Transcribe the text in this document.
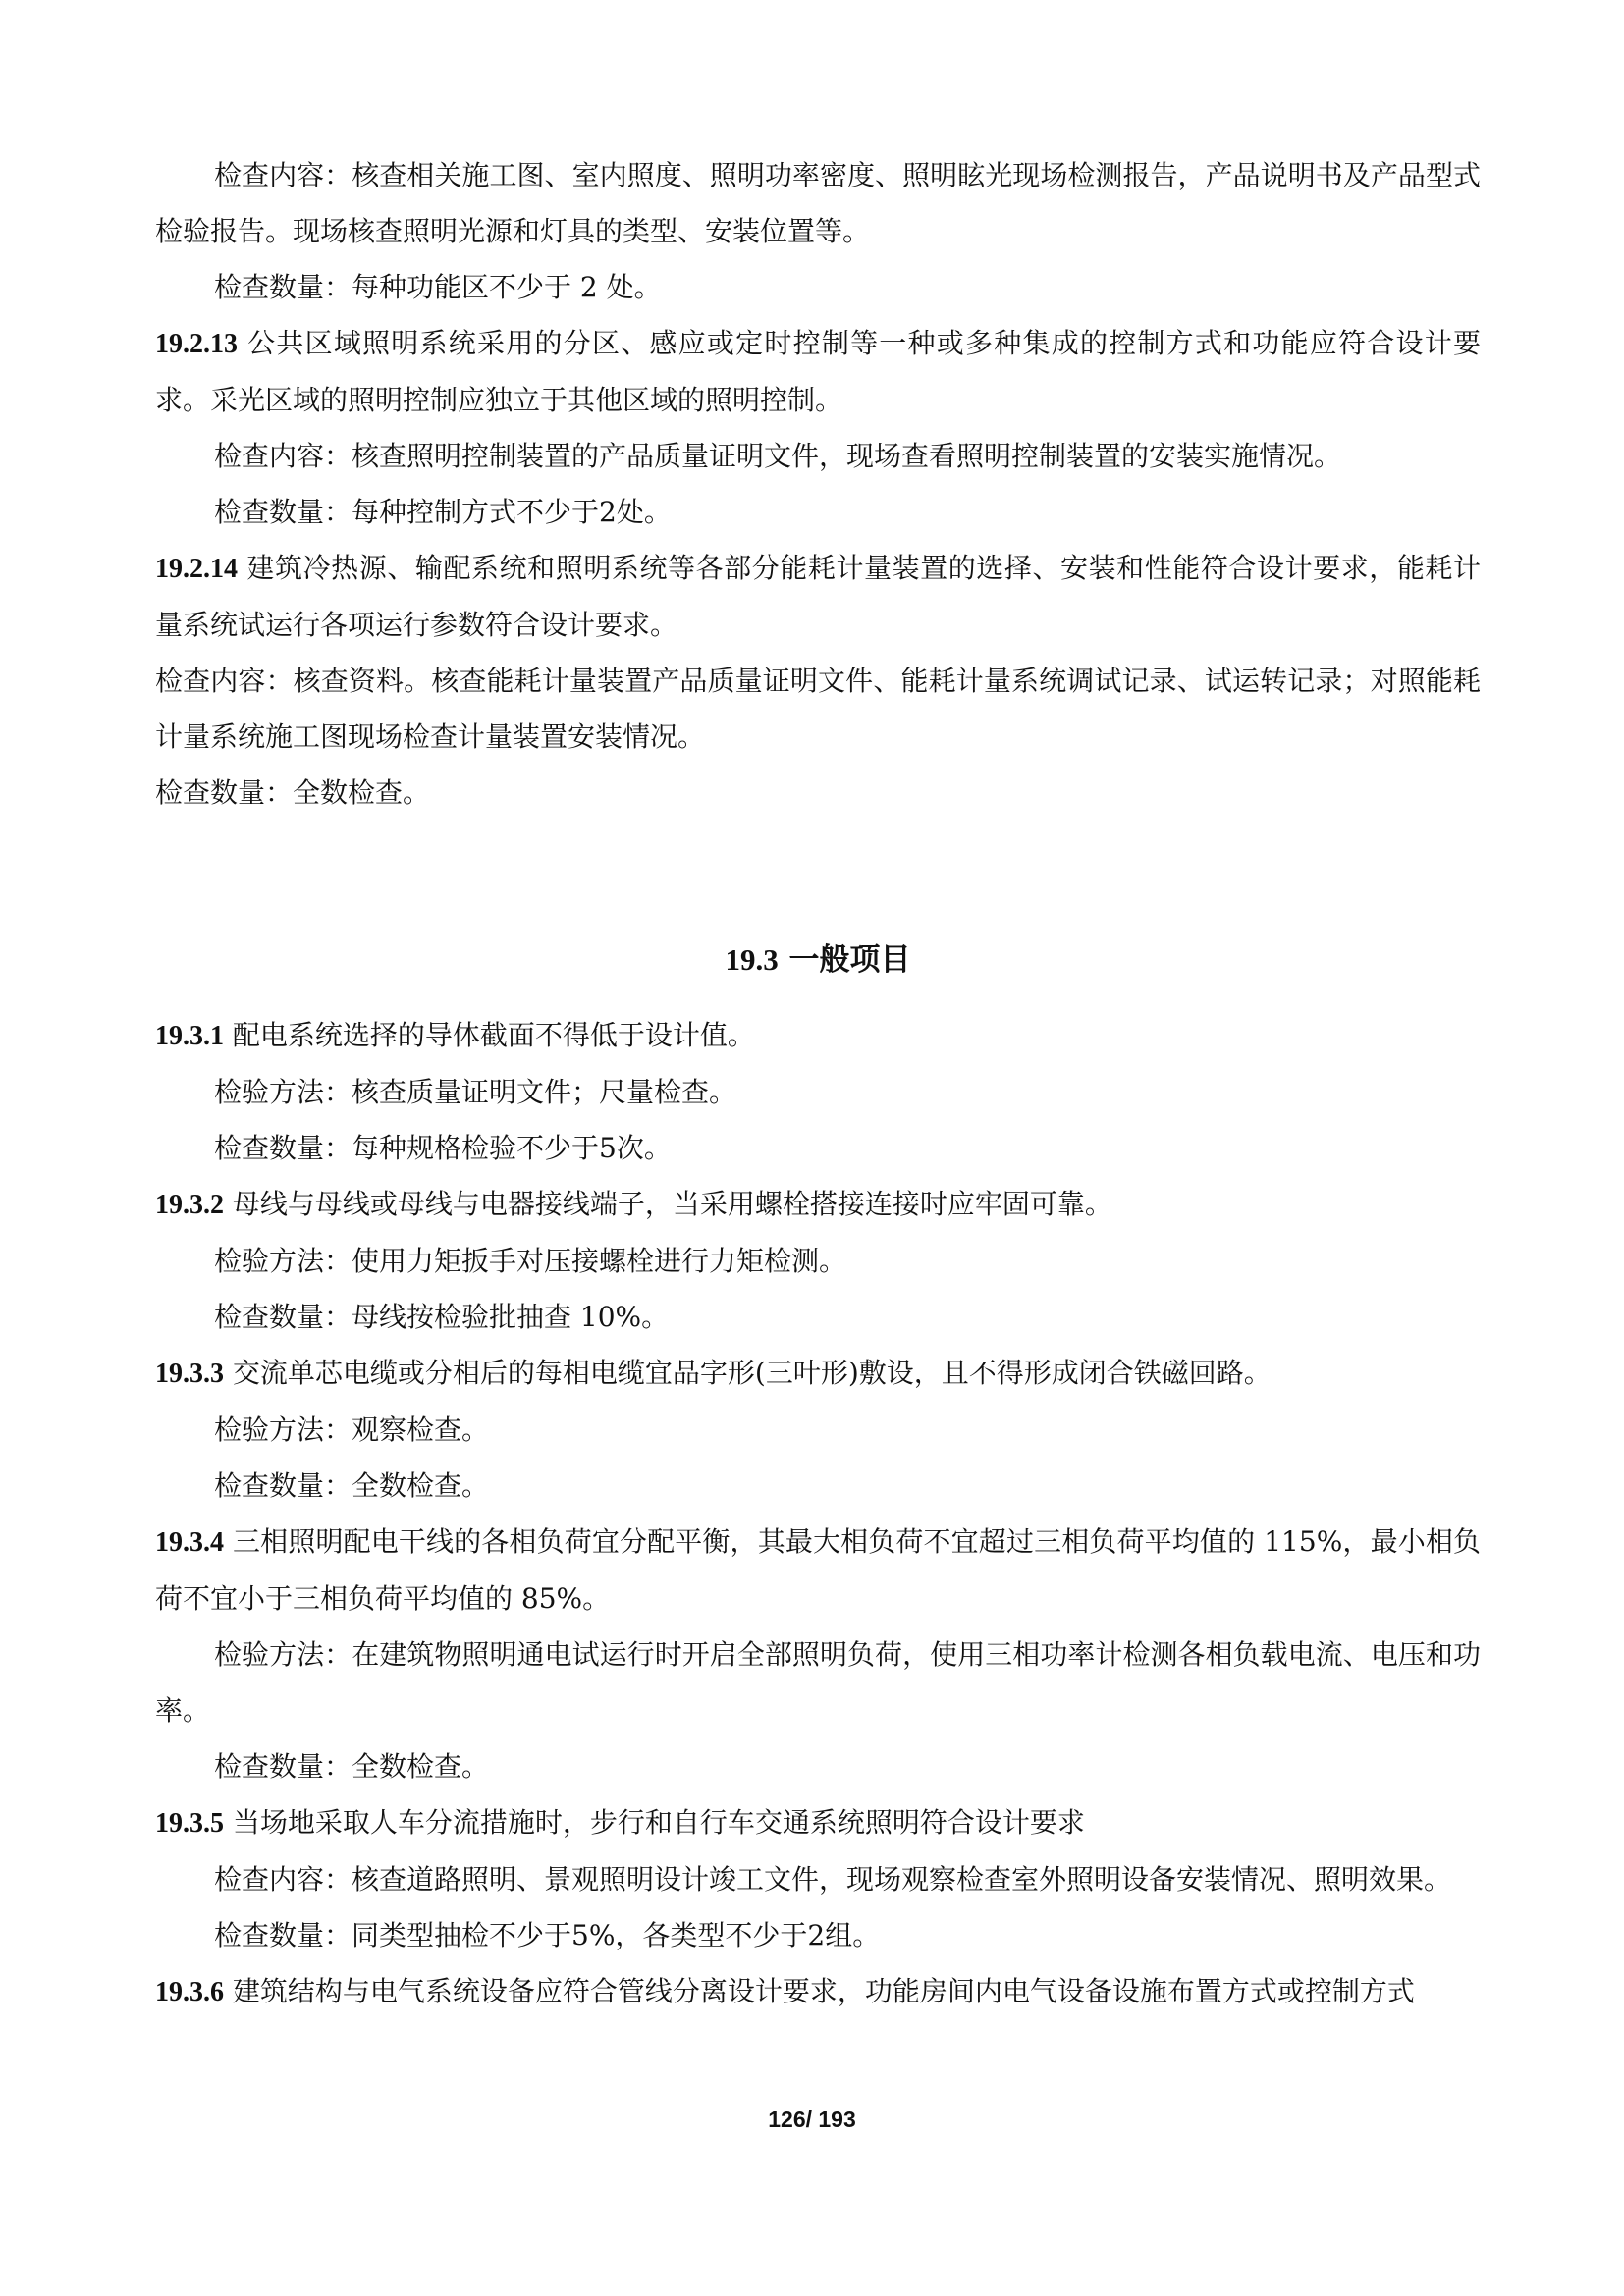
检查内容：核查相关施工图、室内照度、照明功率密度、照明眩光现场检测报告，产品说明书及产品型式检验报告。现场核查照明光源和灯具的类型、安装位置等。

检查数量：每种功能区不少于 2 处。

19.2.13 公共区域照明系统采用的分区、感应或定时控制等一种或多种集成的控制方式和功能应符合设计要求。采光区域的照明控制应独立于其他区域的照明控制。

检查内容：核查照明控制装置的产品质量证明文件，现场查看照明控制装置的安装实施情况。

检查数量：每种控制方式不少于2处。

19.2.14 建筑冷热源、输配系统和照明系统等各部分能耗计量装置的选择、安装和性能符合设计要求，能耗计量系统试运行各项运行参数符合设计要求。

检查内容：核查资料。核查能耗计量装置产品质量证明文件、能耗计量系统调试记录、试运转记录；对照能耗计量系统施工图现场检查计量装置安装情况。

检查数量：全数检查。

19.3 一般项目

19.3.1 配电系统选择的导体截面不得低于设计值。

检验方法：核查质量证明文件；尺量检查。

检查数量：每种规格检验不少于5次。

19.3.2 母线与母线或母线与电器接线端子，当采用螺栓搭接连接时应牢固可靠。

检验方法：使用力矩扳手对压接螺栓进行力矩检测。

检查数量：母线按检验批抽查 10%。

19.3.3 交流单芯电缆或分相后的每相电缆宜品字形(三叶形)敷设，且不得形成闭合铁磁回路。

检验方法：观察检查。

检查数量：全数检查。

19.3.4 三相照明配电干线的各相负荷宜分配平衡，其最大相负荷不宜超过三相负荷平均值的 115%，最小相负荷不宜小于三相负荷平均值的 85%。

检验方法：在建筑物照明通电试运行时开启全部照明负荷，使用三相功率计检测各相负载电流、电压和功率。

检查数量：全数检查。

19.3.5 当场地采取人车分流措施时，步行和自行车交通系统照明符合设计要求

检查内容：核查道路照明、景观照明设计竣工文件，现场观察检查室外照明设备安装情况、照明效果。

检查数量：同类型抽检不少于5%，各类型不少于2组。

19.3.6 建筑结构与电气系统设备应符合管线分离设计要求，功能房间内电气设备设施布置方式或控制方式

126/ 193
